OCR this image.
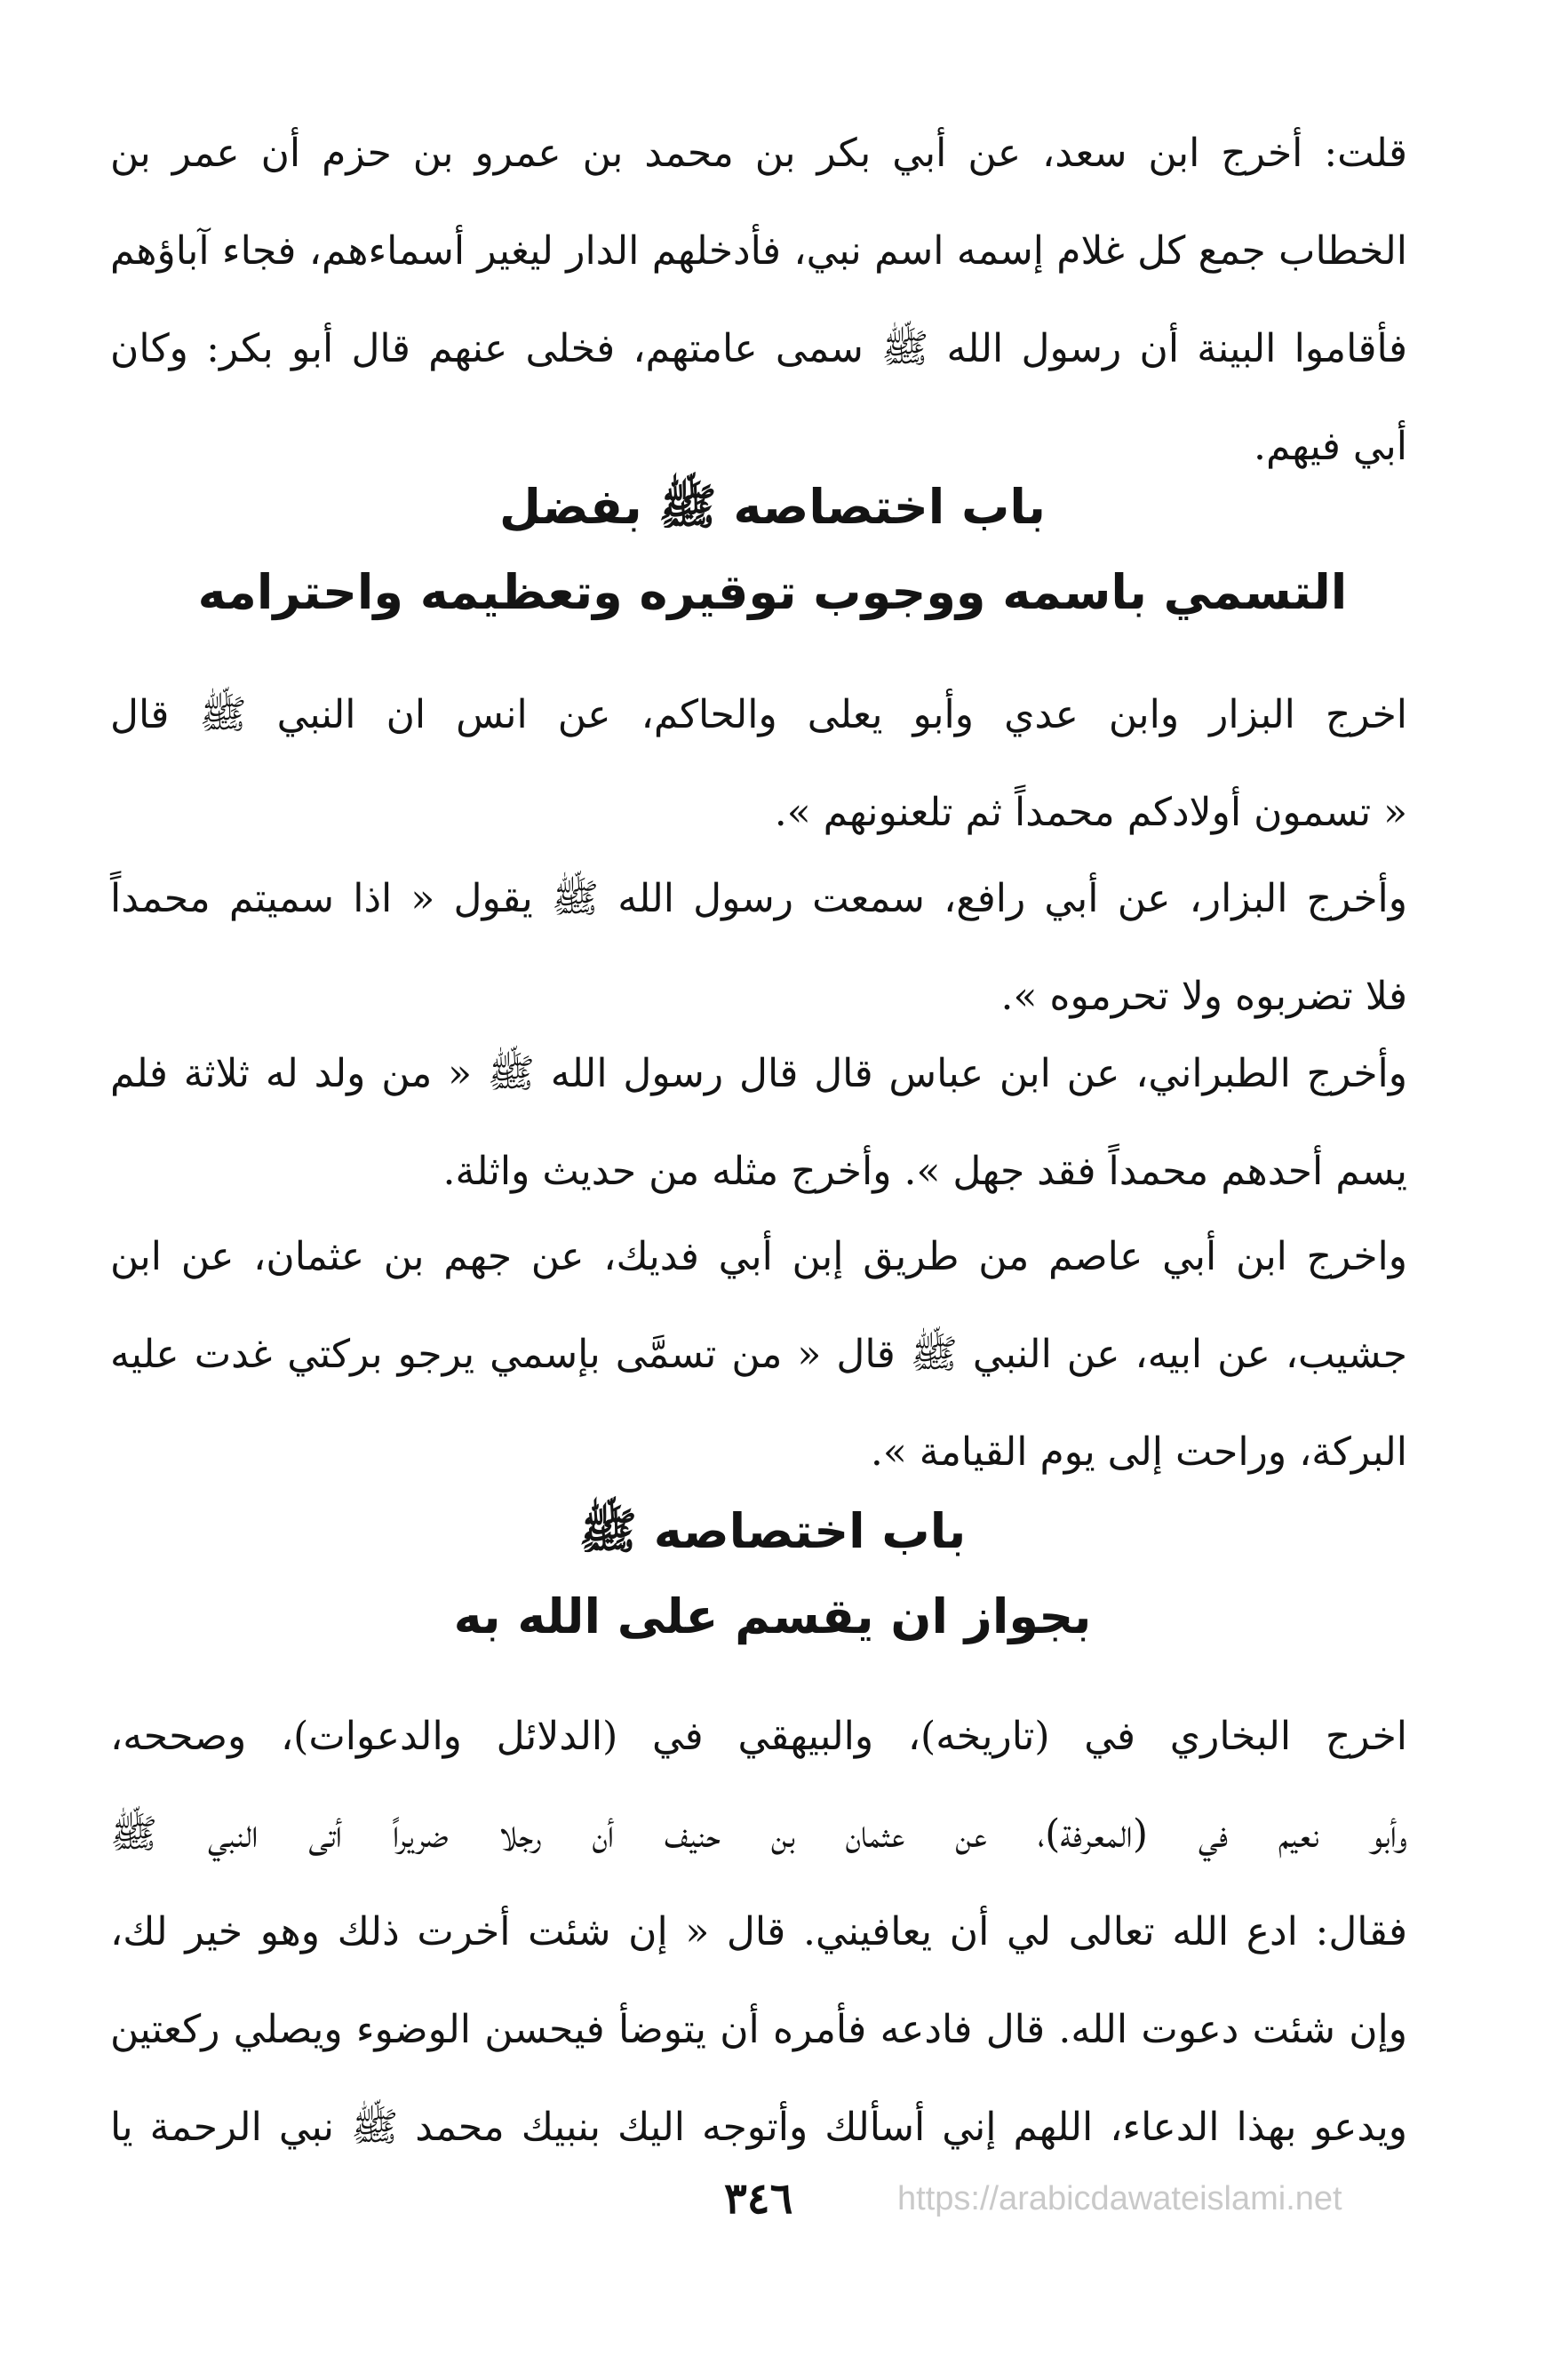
قلت: أخرج ابن سعد، عن أبي بكر بن محمد بن عمرو بن حزم أن عمر بن
الخطاب جمع كل غلام إسمه اسم نبي، فأدخلهم الدار ليغير أسماءهم، فجاء آباؤهم
فأقاموا البينة أن رسول الله ﷺ سمى عامتهم، فخلى عنهم قال أبو بكر: وكان
أبي فيهم.
باب اختصاصه ﷺ بفضل
التسمي باسمه ووجوب توقيره وتعظيمه واحترامه
اخرج البزار وابن عدي وأبو يعلى والحاكم، عن انس ان النبي ﷺ قال
« تسمون أولادكم محمداً ثم تلعنونهم ».
وأخرج البزار، عن أبي رافع، سمعت رسول الله ﷺ يقول « اذا سميتم محمداً
فلا تضربوه ولا تحرموه ».
وأخرج الطبراني، عن ابن عباس قال قال رسول الله ﷺ « من ولد له ثلاثة فلم
يسم أحدهم محمداً فقد جهل ». وأخرج مثله من حديث واثلة.
واخرج ابن أبي عاصم من طريق إبن أبي فديك، عن جهم بن عثمان، عن ابن
جشيب، عن ابيه، عن النبي ﷺ قال « من تسمَّى بإسمي يرجو بركتي غدت عليه
البركة، وراحت إلى يوم القيامة ».
باب اختصاصه ﷺ
بجواز ان يقسم على الله به
اخرج البخاري في (تاريخه)، والبيهقي في (الدلائل والدعوات)، وصححه،
وأبو نعيم في (المعرفة)، عن عثمان بن حنيف أن رجلا ضريراً أتى النبي ﷺ
فقال: ادع الله تعالى لي أن يعافيني. قال « إن شئت أخرت ذلك وهو خير لك،
وإن شئت دعوت الله. قال فادعه فأمره أن يتوضأ فيحسن الوضوء ويصلي ركعتين
ويدعو بهذا الدعاء، اللهم إني أسألك وأتوجه اليك بنبيك محمد ﷺ نبي الرحمة يا
٣٤٦	https://arabicdawateislami.net
